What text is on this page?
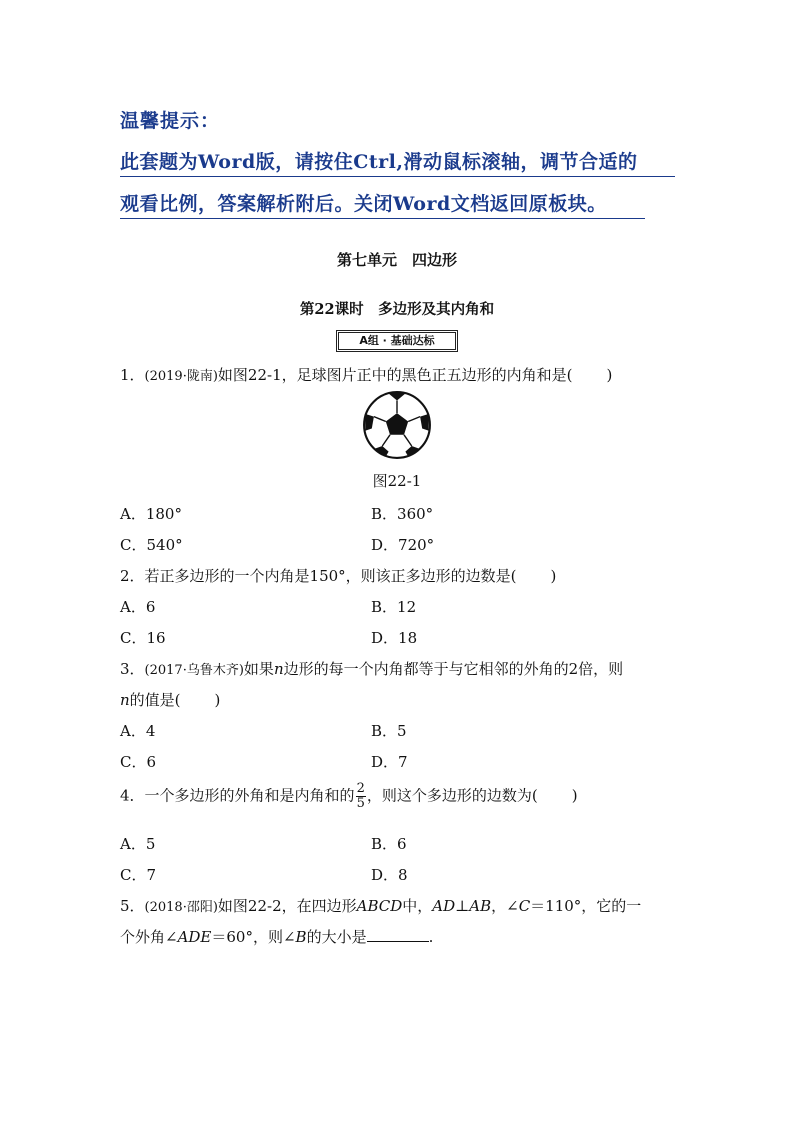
温馨提示：
此套题为Word版，请按住Ctrl,滑动鼠标滚轴，调节合适的
观看比例，答案解析附后。关闭Word文档返回原板块。
第七单元　四边形
第22课时　多边形及其内角和
A组 · 基础达标
1．(2019·陇南)如图22-1，足球图片正中的黑色正五边形的内角和是( )
图22-1
A．180°	B．360°
C．540°	D．720°
2．若正多边形的一个内角是150°，则该正多边形的边数是( )
A．6	B．12
C．16	D．18
3．(2017·乌鲁木齐)如果n边形的每一个内角都等于与它相邻的外角的2倍，则
n的值是( )
A．4	B．5
C．6	D．7
4．一个多边形的外角和是内角和的 $\frac{2}{5}$ ，则这个多边形的边数为( )
A．5	B．6
C．7	D．8
5．(2018·邵阳)如图22-2，在四边形ABCD中，AD⊥AB，∠C＝110°，它的一
个外角∠ADE＝60°，则∠B的大小是	.
